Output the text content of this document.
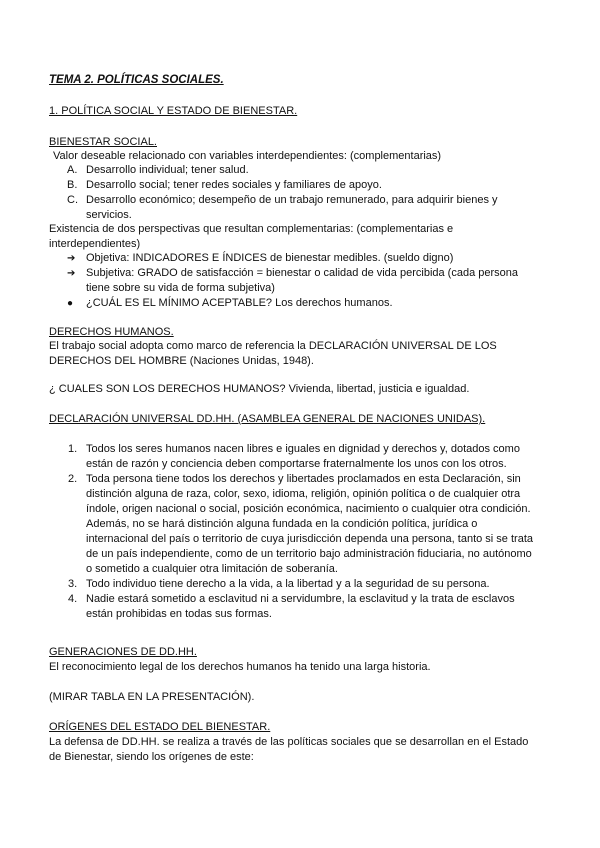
TEMA 2. POLÍTICAS SOCIALES.

1. POLÍTICA SOCIAL Y ESTADO DE BIENESTAR.

BIENESTAR SOCIAL.

Valor deseable relacionado con variables interdependientes: (complementarias)

A. Desarrollo individual; tener salud.
B. Desarrollo social; tener redes sociales y familiares de apoyo.
C. Desarrollo económico; desempeño de un trabajo remunerado, para adquirir bienes y servicios.

Existencia de dos perspectivas que resultan complementarias: (complementarias e interdependientes)

➔ Objetiva: INDICADORES E ÍNDICES de bienestar medibles. (sueldo digno)
➔ Subjetiva: GRADO de satisfacción = bienestar o calidad de vida percibida (cada persona tiene sobre su vida de forma subjetiva)
● ¿CUÁL ES EL MÍNIMO ACEPTABLE? Los derechos humanos.

DERECHOS HUMANOS.

El trabajo social adopta como marco de referencia la DECLARACIÓN UNIVERSAL DE LOS DERECHOS DEL HOMBRE (Naciones Unidas, 1948).

¿ CUALES SON LOS DERECHOS HUMANOS? Vivienda, libertad, justicia e igualdad.

DECLARACIÓN UNIVERSAL DD.HH. (ASAMBLEA GENERAL DE NACIONES UNIDAS).

1. Todos los seres humanos nacen libres e iguales en dignidad y derechos y, dotados como están de razón y conciencia deben comportarse fraternalmente los unos con los otros.
2. Toda persona tiene todos los derechos y libertades proclamados en esta Declaración, sin distinción alguna de raza, color, sexo, idioma, religión, opinión política o de cualquier otra índole, origen nacional o social, posición económica, nacimiento o cualquier otra condición. Además, no se hará distinción alguna fundada en la condición política, jurídica o internacional del país o territorio de cuya jurisdicción dependa una persona, tanto si se trata de un país independiente, como de un territorio bajo administración fiduciaria, no autónomo o sometido a cualquier otra limitación de soberanía.
3. Todo individuo tiene derecho a la vida, a la libertad y a la seguridad de su persona.
4. Nadie estará sometido a esclavitud ni a servidumbre, la esclavitud y la trata de esclavos están prohibidas en todas sus formas.

GENERACIONES DE DD.HH.

El reconocimiento legal de los derechos humanos ha tenido una larga historia.

(MIRAR TABLA EN LA PRESENTACIÓN).

ORÍGENES DEL ESTADO DEL BIENESTAR.

La defensa de DD.HH. se realiza a través de las políticas sociales que se desarrollan en el Estado de Bienestar, siendo los orígenes de este:
